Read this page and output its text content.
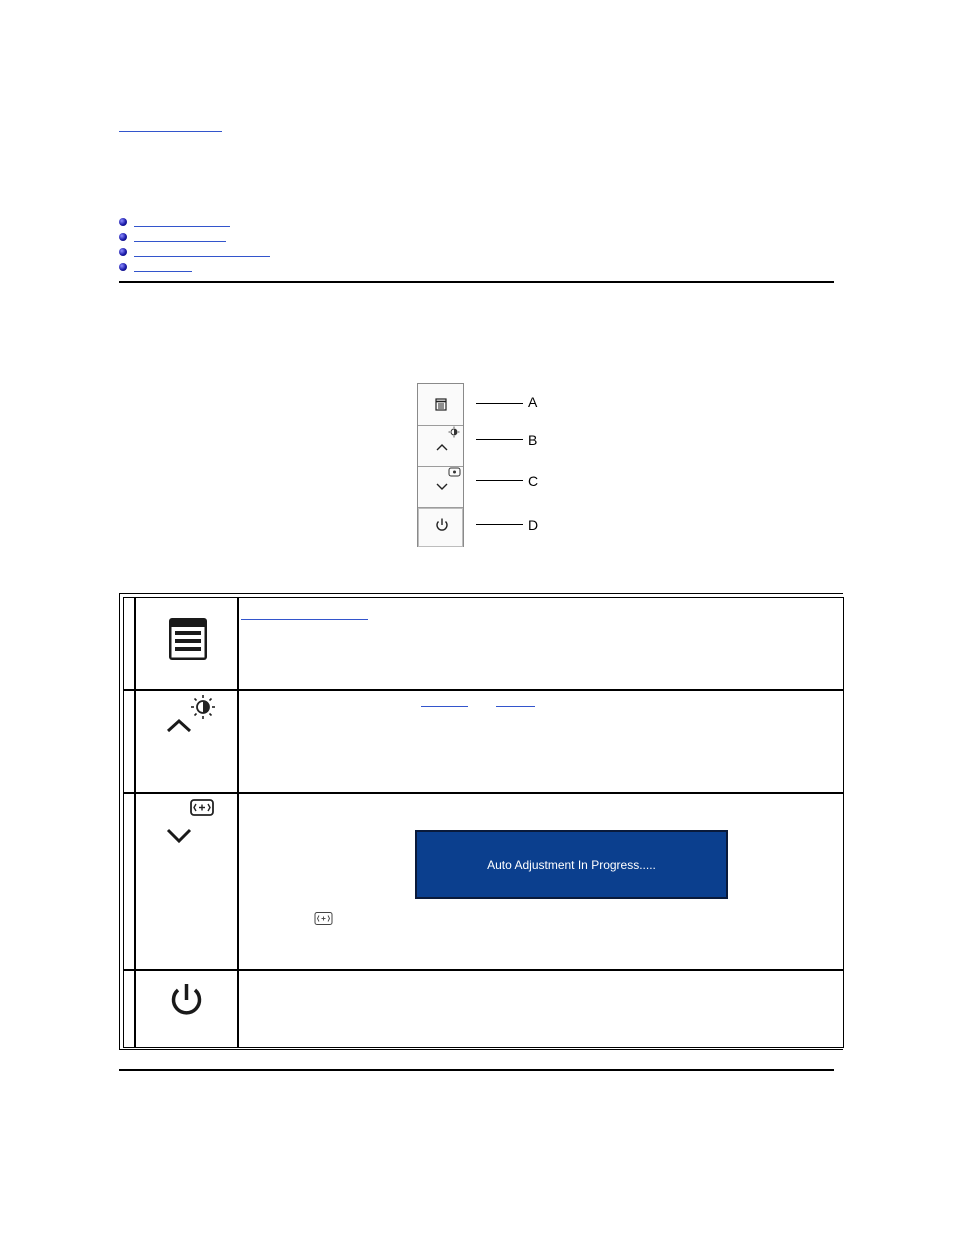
A
B
C
D
Auto Adjustment In Progress.....
